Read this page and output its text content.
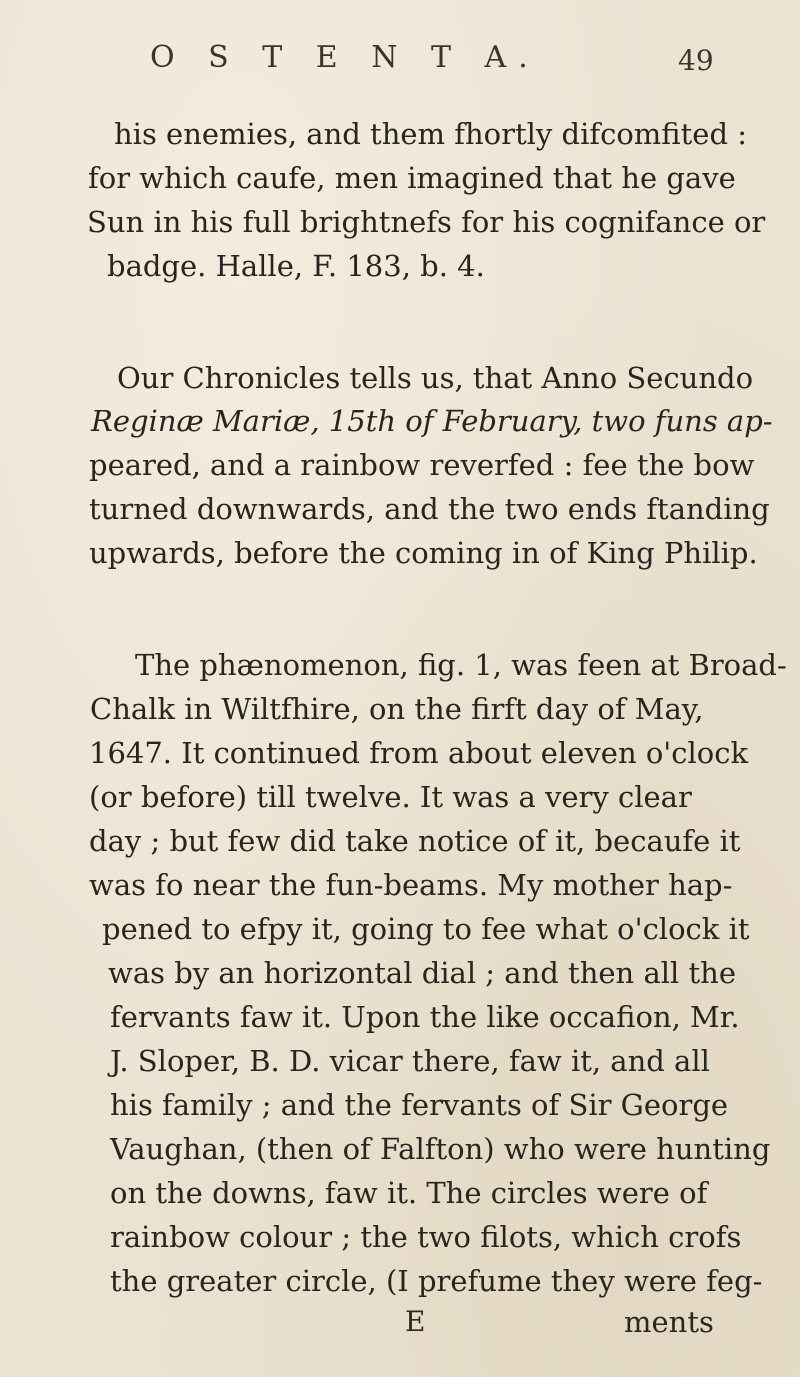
O S T E N T A.	49
his enemies, and them fhortly difcomfited :
for which caufe, men imagined that he gave
Sun in his full brightnefs for his cognifance or
badge. Halle, F. 183, b. 4.
Our Chronicles tells us, that Anno Secundo
Reginæ Mariæ, 15th of February, two funs ap-
peared, and a rainbow reverfed : fee the bow
turned downwards, and the two ends ftanding
upwards, before the coming in of King Philip.
The phænomenon, fig. 1, was feen at Broad-
Chalk in Wiltfhire, on the firft day of May,
1647. It continued from about eleven o'clock
(or before) till twelve. It was a very clear
day ; but few did take notice of it, becaufe it
was fo near the fun-beams. My mother hap-
pened to efpy it, going to fee what o'clock it
was by an horizontal dial ; and then all the
fervants faw it. Upon the like occafion, Mr.
J. Sloper, B. D. vicar there, faw it, and all
his family ; and the fervants of Sir George
Vaughan, (then of Falfton) who were hunting
on the downs, faw it. The circles were of
rainbow colour ; the two filots, which crofs
the greater circle, (I prefume they were feg-
E	ments
